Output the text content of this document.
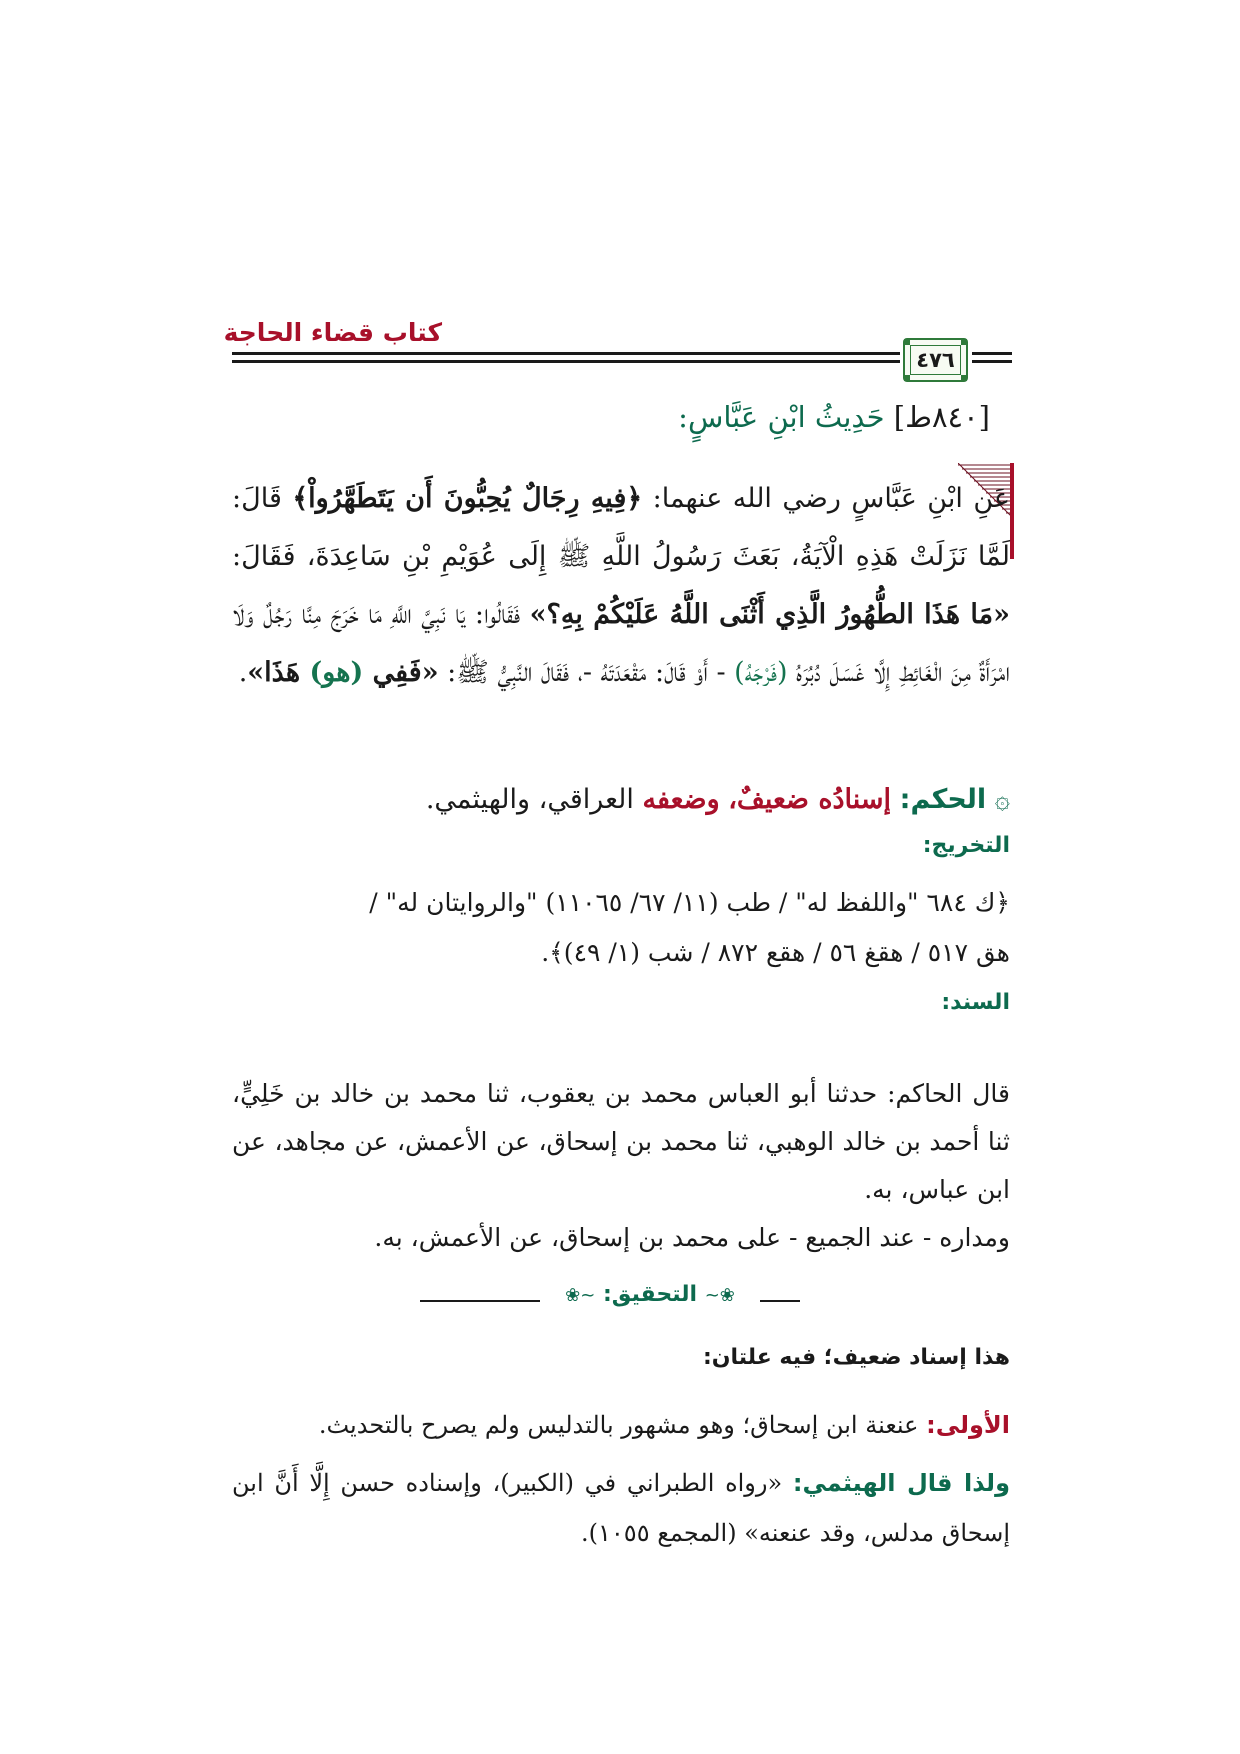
كتاب قضاء الحاجة
٤٧٦
[٨٤٠ط] حَدِيثُ ابْنِ عَبَّاسٍ:
عَنِ ابْنِ عَبَّاسٍ رضي الله عنهما: ﴿فِيهِ رِجَالٌ يُحِبُّونَ أَن يَتَطَهَّرُواْ﴾ قَالَ: لَمَّا نَزَلَتْ هَذِهِ الْآيَةُ، بَعَثَ رَسُولُ اللَّهِ ﷺ إِلَى عُوَيْمِ بْنِ سَاعِدَةَ، فَقَالَ: «مَا هَذَا الطُّهُورُ الَّذِي أَثْنَى اللَّهُ عَلَيْكُمْ بِهِ؟» فَقَالُوا: يَا نَبِيَّ اللَّهِ مَا خَرَجَ مِنَّا رَجُلٌ وَلَا امْرَأَةٌ مِنَ الْغَائِطِ إِلَّا غَسَلَ دُبُرَهُ (فَرْجَهُ) - أَوْ قَالَ: مَقْعَدَتَهُ -، فَقَالَ النَّبِيُّ ﷺ: «فَفِي (هو) هَذَا».
۞ الحكم: إسنادُه ضعيفٌ، وضعفه العراقي، والهيثمي.
التخريج:
﴿ك ٦٨٤ "واللفظ له" / طب (١١/ ٦٧/ ١١٠٦٥) "والروايتان له" /
هق ٥١٧ / هقغ ٥٦ / هقع ٨٧٢ / شب (١/ ٤٩)﴾.
السند:
قال الحاكم: حدثنا أبو العباس محمد بن يعقوب، ثنا محمد بن خالد بن خَلِيٍّ، ثنا أحمد بن خالد الوهبي، ثنا محمد بن إسحاق، عن الأعمش، عن مجاهد، عن ابن عباس، به.
ومداره - عند الجميع - على محمد بن إسحاق، عن الأعمش، به.
❀~ التحقيق: ~❀
هذا إسناد ضعيف؛ فيه علتان:
الأولى: عنعنة ابن إسحاق؛ وهو مشهور بالتدليس ولم يصرح بالتحديث.
ولذا قال الهيثمي: «رواه الطبراني في (الكبير)، وإسناده حسن إِلَّا أَنَّ ابن إسحاق مدلس، وقد عنعنه» (المجمع ١٠٥٥).
